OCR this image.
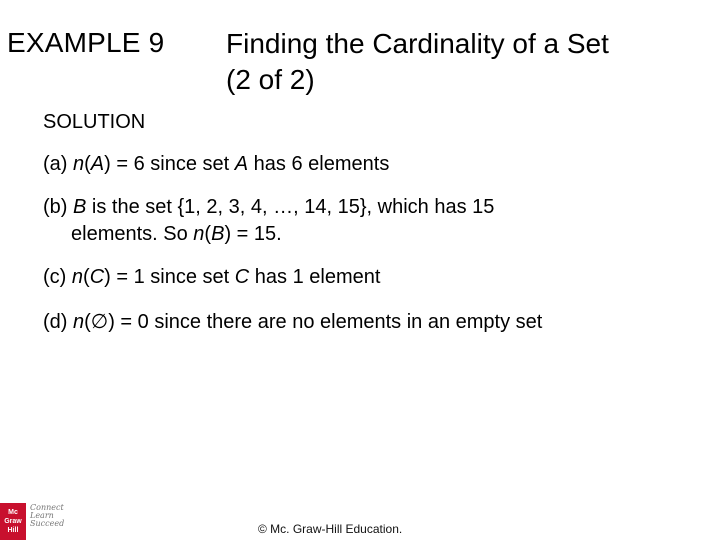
EXAMPLE 9 Finding the Cardinality of a Set
(2 of 2)
SOLUTION
(a) n(A) = 6 since set A has 6 elements
(b) B is the set {1, 2, 3, 4, …, 14, 15}, which has 15
elements. So n(B) = 15.
(c) n(C) = 1 since set C has 1 element
(d) n(∅) = 0 since there are no elements in an empty set
Mc
Graw
Hill
Connect
Learn
Succeed	© Mc. Graw-Hill Education.
